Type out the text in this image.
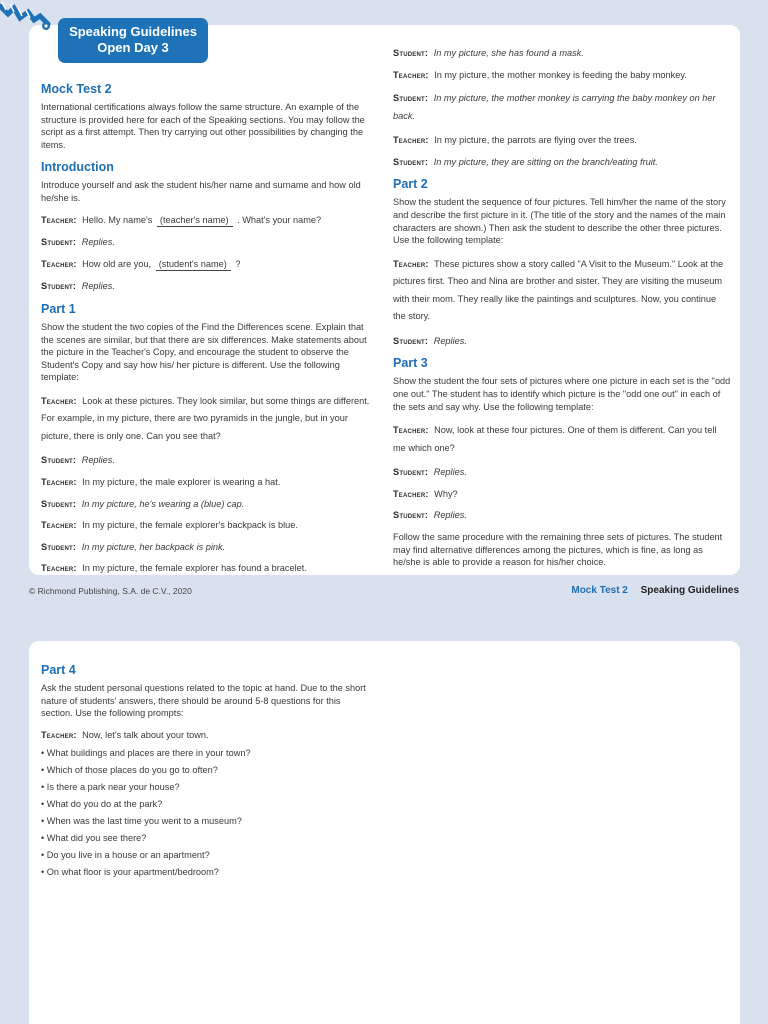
Speaking Guidelines
Open Day 3
Mock Test 2

International certifications always follow the same structure. An example of the structure is provided here for each of the Speaking sections. You may follow the script as a first attempt. Then try carrying out other possibilities by changing the items.

Introduction

Introduce yourself and ask the student his/her name and surname and how old he/she is.

Teacher: Hello. My name's (teacher's name) . What's your name?
Student: Replies.
Teacher: How old are you, (student's name) ?
Student: Replies.
Part 1

Show the student the two copies of the Find the Differences scene. Explain that the scenes are similar, but that there are six differences. Make statements about the picture in the Teacher's Copy, and encourage the student to observe the Student's Copy and say how his/ her picture is different. Use the following template:

Teacher: Look at these pictures. They look similar, but some things are different. For example, in my picture, there are two pyramids in the jungle, but in your picture, there is only one. Can you see that?
Student: Replies.
Teacher: In my picture, the male explorer is wearing a hat.
Student: In my picture, he's wearing a (blue) cap.
Teacher: In my picture, the female explorer's backpack is blue.
Student: In my picture, her backpack is pink.
Teacher: In my picture, the female explorer has found a bracelet.
Student: In my picture, she has found a mask.
Teacher: In my picture, the mother monkey is feeding the baby monkey.
Student: In my picture, the mother monkey is carrying the baby monkey on her back.
Teacher: In my picture, the parrots are flying over the trees.
Student: In my picture, they are sitting on the branch/eating fruit.
Part 2

Show the student the sequence of four pictures. Tell him/her the name of the story and describe the first picture in it. (The title of the story and the names of the main characters are shown.) Then ask the student to describe the other three pictures. Use the following template:

Teacher: These pictures show a story called "A Visit to the Museum." Look at the pictures first. Theo and Nina are brother and sister. They are visiting the museum with their mom. They really like the paintings and sculptures. Now, you continue the story.
Student: Replies.
Part 3

Show the student the four sets of pictures where one picture in each set is the "odd one out." The student has to identify which picture is the "odd one out" in each of the sets and say why. Use the following template:

Teacher: Now, look at these four pictures. One of them is different. Can you tell me which one?
Student: Replies.
Teacher: Why?
Student: Replies.

Follow the same procedure with the remaining three sets of pictures. The student may find alternative differences among the pictures, which is fine, as long as he/she is able to provide a reason for his/her choice.

© Richmond Publishing, S.A. de C.V., 2020	Mock Test 2 Speaking Guidelines
Part 4

Ask the student personal questions related to the topic at hand. Due to the short nature of students' answers, there should be around 5-8 questions for this section. Use the following prompts:

Teacher: Now, let's talk about your town.
• What buildings and places are there in your town?
• Which of those places do you go to often?
• Is there a park near your house?
• What do you do at the park?
• When was the last time you went to a museum?
• What did you see there?
• Do you live in a house or an apartment?
• On what floor is your apartment/bedroom?
